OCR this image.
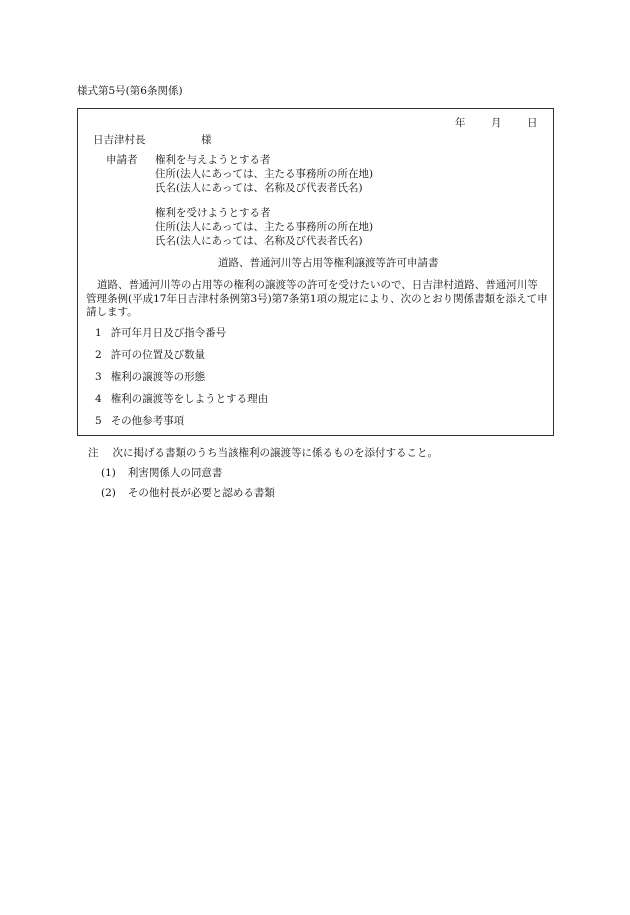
様式第5号(第6条関係)
年 月 日
日吉津村長	様
申請者 権利を与えようとする者
住所(法人にあっては、主たる事務所の所在地)
氏名(法人にあっては、名称及び代表者氏名)
権利を受けようとする者
住所(法人にあっては、主たる事務所の所在地)
氏名(法人にあっては、名称及び代表者氏名)
道路、普通河川等占用等権利譲渡等許可申請書
道路、普通河川等の占用等の権利の譲渡等の許可を受けたいので、日吉津村道路、普通河川等管理条例(平成17年日吉津村条例第3号)第7条第1項の規定により、次のとおり関係書類を添えて申請します。
1 許可年月日及び指令番号
2 許可の位置及び数量
3 権利の譲渡等の形態
4 権利の譲渡等をしようとする理由
5 その他参考事項
注 次に掲げる書類のうち当該権利の譲渡等に係るものを添付すること。
(1) 利害関係人の同意書
(2) その他村長が必要と認める書類
